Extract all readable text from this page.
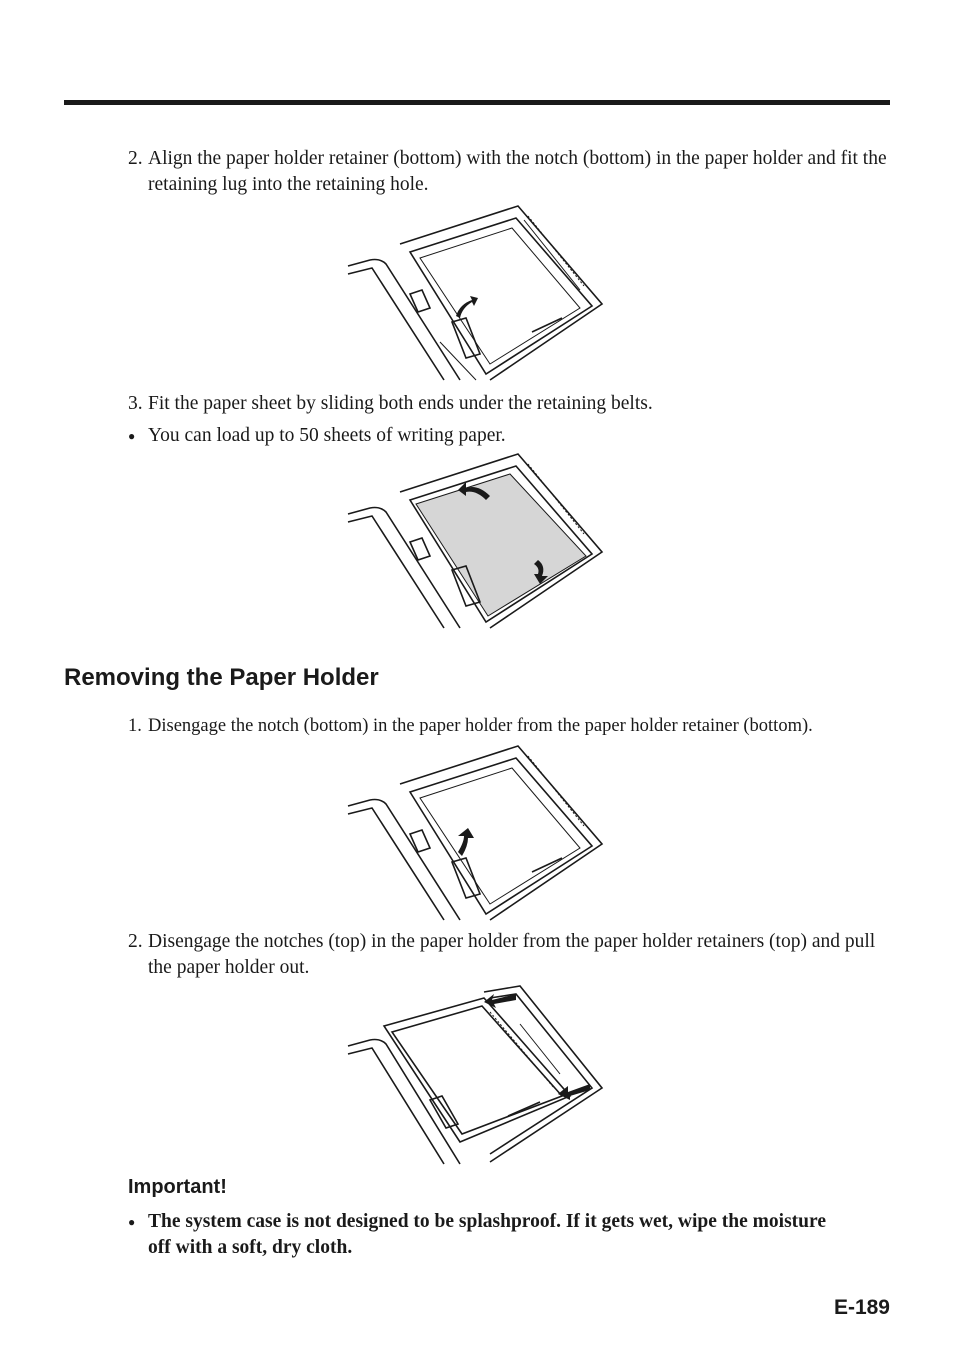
2. Align the paper holder retainer (bottom) with the notch (bottom) in the paper holder and fit the retaining lug into the retaining hole.
3. Fit the paper sheet by sliding both ends under the retaining belts.
● You can load up to 50 sheets of writing paper.
Removing the Paper Holder
1. Disengage the notch (bottom) in the paper holder from the paper holder retainer (bottom).
2. Disengage the notches (top) in the paper holder from the paper holder retainers (top) and pull the paper holder out.
Important!
● The system case is not designed to be splashproof. If it gets wet, wipe the moisture off with a soft, dry cloth.
E-189
